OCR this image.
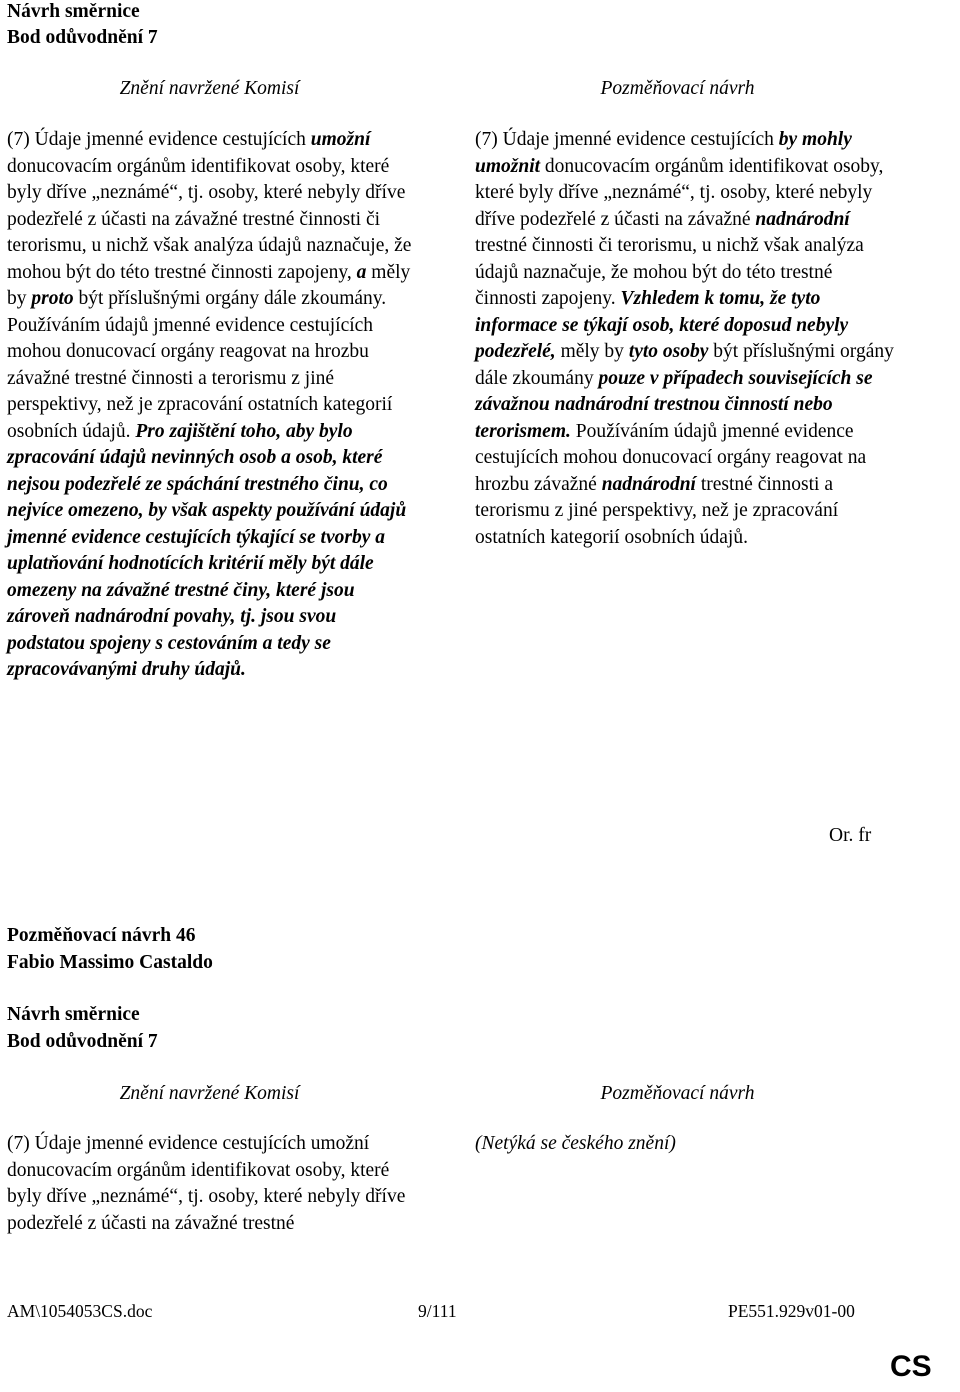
Návrh směrnice
Bod odůvodnění 7
Znění navržené Komisí	Pozměňovací návrh
(7) Údaje jmenné evidence cestujících umožní donucovacím orgánům identifikovat osoby, které byly dříve „neznámé“, tj. osoby, které nebyly dříve podezřelé z účasti na závažné trestné činnosti či terorismu, u nichž však analýza údajů naznačuje, že mohou být do této trestné činnosti zapojeny, a měly by proto být příslušnými orgány dále zkoumány. Používáním údajů jmenné evidence cestujících mohou donucovací orgány reagovat na hrozbu závažné trestné činnosti a terorismu z jiné perspektivy, než je zpracování ostatních kategorií osobních údajů. Pro zajištění toho, aby bylo zpracování údajů nevinných osob a osob, které nejsou podezřelé ze spáchání trestného činu, co nejvíce omezeno, by však aspekty používání údajů jmenné evidence cestujících týkající se tvorby a uplatňování hodnotících kritérií měly být dále omezeny na závažné trestné činy, které jsou zároveň nadnárodní povahy, tj. jsou svou podstatou spojeny s cestováním a tedy se zpracovávanými druhy údajů.
(7) Údaje jmenné evidence cestujících by mohly umožnit donucovacím orgánům identifikovat osoby, které byly dříve „neznámé“, tj. osoby, které nebyly dříve podezřelé z účasti na závažné nadnárodní trestné činnosti či terorismu, u nichž však analýza údajů naznačuje, že mohou být do této trestné činnosti zapojeny. Vzhledem k tomu, že tyto informace se týkají osob, které doposud nebyly podezřelé, měly by tyto osoby být příslušnými orgány dále zkoumány pouze v případech souvisejících se závažnou nadnárodní trestnou činností nebo terorismem. Používáním údajů jmenné evidence cestujících mohou donucovací orgány reagovat na hrozbu závažné nadnárodní trestné činnosti a terorismu z jiné perspektivy, než je zpracování ostatních kategorií osobních údajů.
Or. fr
Pozměňovací návrh 46
Fabio Massimo Castaldo
Návrh směrnice
Bod odůvodnění 7
Znění navržené Komisí	Pozměňovací návrh
(7) Údaje jmenné evidence cestujících umožní donucovacím orgánům identifikovat osoby, které byly dříve „neznámé“, tj. osoby, které nebyly dříve podezřelé z účasti na závažné trestné
(Netýká se českého znění)
AM\1054053CS.doc	9/111	PE551.929v01-00
CS
